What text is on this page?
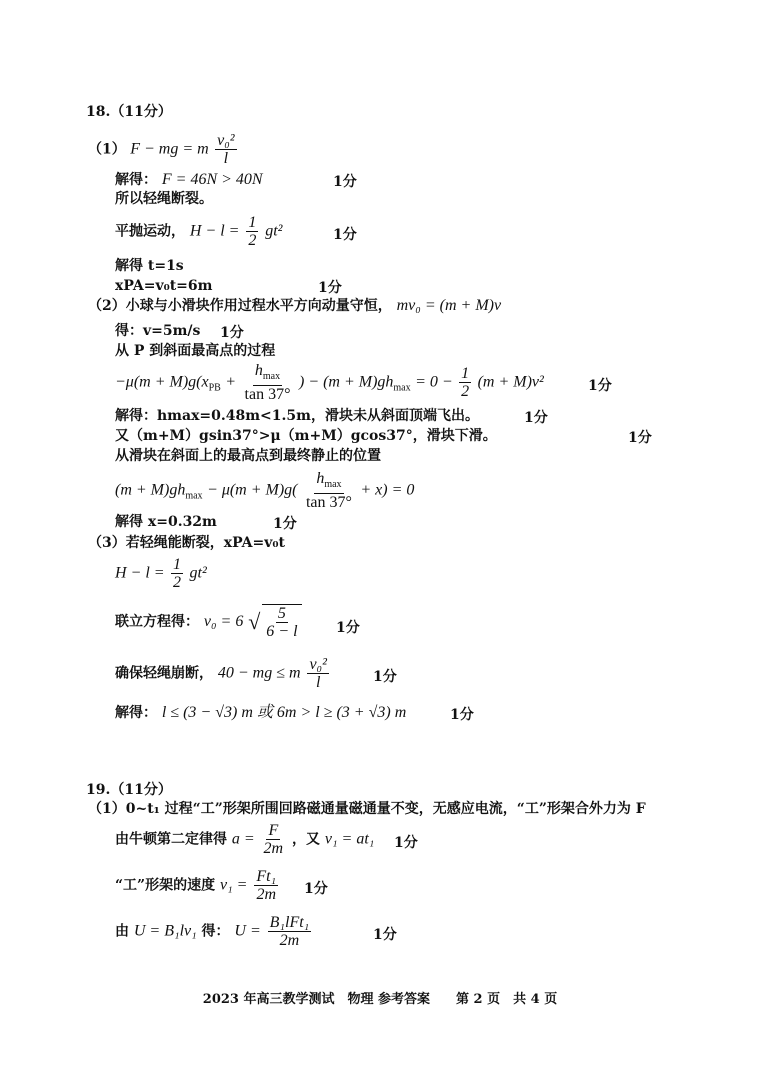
18.（11分）
（1） F − mg = m $\frac{\text{v₀²}}{l}$
解得： F = 46N > 40N	1分
所以轻绳断裂。
平抛运动， $H - l = \frac{1}{2} gt^2$	1分
解得 t=1s
xPA=v₀t=6m	1分
（2）小球与小滑块作用过程水平方向动量守恒， mv₀ = (m + M)v
得：v=5m/s 1分
从 P 到斜面最高点的过程
$-\mu(m + M)g(x_{PB}$ +
$h_{max}$
tan 37°
) − $(m + M)gh_{max} = 0 - \frac{1}{2} (m + M)v^2$	1分
解得：hmax=0.48m<1.5m，滑块未从斜面顶端飞出。	1分
又（m+M）gsin37°>μ（m+M）gcos37°，滑块下滑。	1分
从滑块在斜面上的最高点到最终静止的位置
$(m + M)gh_{max} - \mu(m + M)g$(
$h_{max}$
tan 37°
+ x) = 0
解得 x=0.32m	1分
（3）若轻绳能断裂，xPA=v₀t
$H - l = \frac{1}{2} gt^2$
联立方程得： v₀ = 6 √ $\frac{5}{6 - l} 1$分
确保轻绳崩断， 40 − mg ≤ m $\frac{\text{v₀²}}{l}$	1分
解得： l ≤ (3 − √3) m 或 6m > l ≥ (3 + √3) m	1分
19.（11分）
（1）0~t₁ 过程“工”形架所围回路磁通量磁通量不变，无感应电流，“工”形架合外力为 F
由牛顿第二定律得 $a = \frac{F}{2m}$ ，又 v₁ = at₁ 1分
“工”形架的速度 $v_1 = \frac{\text{Ft₁}}{2m} 1$分
由 U = B₁lv₁ 得： U = B₁lFt₁
2m	1分
2023 年高三教学测试　物理 参考答案　　第 2 页　共 4 页
